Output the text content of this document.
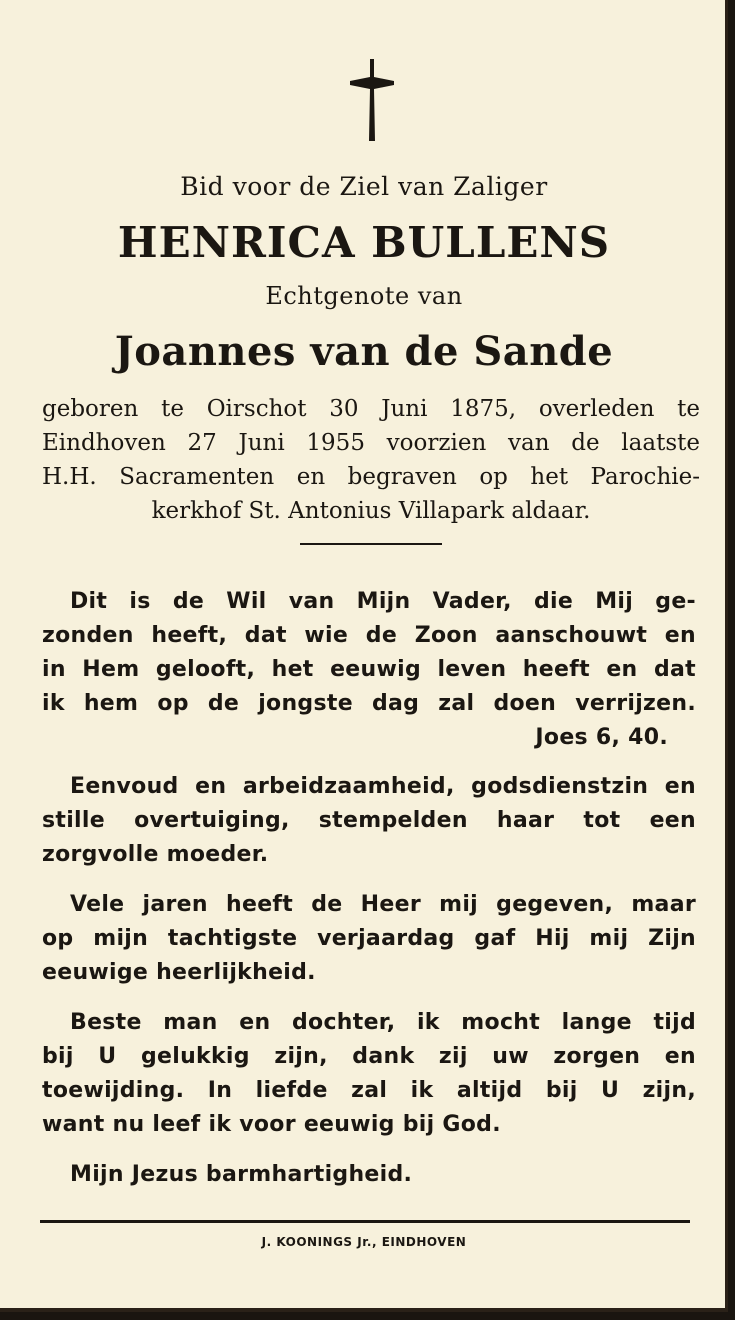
Bid voor de Ziel van Zaliger
HENRICA BULLENS
Echtgenote van
Joannes van de Sande
geboren te Oirschot 30 Juni 1875, overleden te
Eindhoven 27 Juni 1955 voorzien van de laatste
H.H. Sacramenten en begraven op het Parochie-
kerkhof St. Antonius Villapark aldaar.
Dit is de Wil van Mijn Vader, die Mij ge-
zonden heeft, dat wie de Zoon aanschouwt en
in Hem gelooft, het eeuwig leven heeft en dat
ik hem op de jongste dag zal doen verrijzen.
Joes 6, 40.
Eenvoud en arbeidzaamheid, godsdienstzin en
stille overtuiging, stempelden haar tot een
zorgvolle moeder.
Vele jaren heeft de Heer mij gegeven, maar
op mijn tachtigste verjaardag gaf Hij mij Zijn
eeuwige heerlijkheid.
Beste man en dochter, ik mocht lange tijd
bij U gelukkig zijn, dank zij uw zorgen en
toewijding. In liefde zal ik altijd bij U zijn,
want nu leef ik voor eeuwig bij God.
Mijn Jezus barmhartigheid.
J. KOONINGS Jr., EINDHOVEN
